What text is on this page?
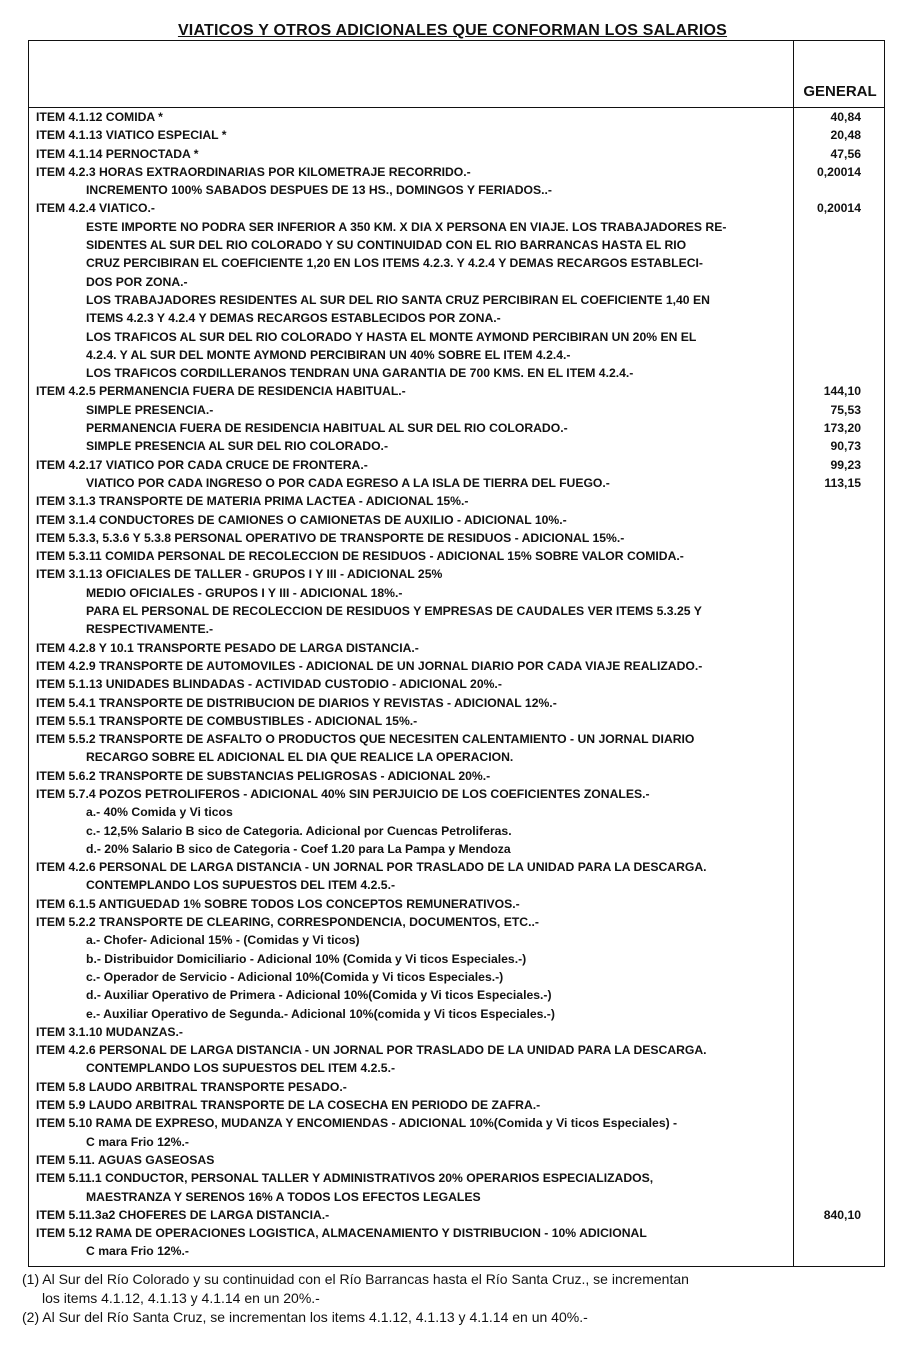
VIATICOS Y OTROS ADICIONALES QUE CONFORMAN LOS SALARIOS
GENERAL
ITEM 4.1.12 COMIDA *	40,84
ITEM 4.1.13 VIATICO ESPECIAL *	20,48
ITEM 4.1.14 PERNOCTADA *	47,56
ITEM 4.2.3 HORAS EXTRAORDINARIAS POR KILOMETRAJE RECORRIDO.-	0,20014
INCREMENTO 100% SABADOS DESPUES DE 13 HS., DOMINGOS Y FERIADOS..-
ITEM 4.2.4 VIATICO.-	0,20014
ESTE IMPORTE NO PODRA SER INFERIOR A 350 KM. X DIA X PERSONA EN VIAJE. LOS TRABAJADORES RE-
SIDENTES AL SUR DEL RIO COLORADO Y SU CONTINUIDAD CON EL RIO BARRANCAS HASTA EL RIO
CRUZ PERCIBIRAN EL COEFICIENTE 1,20 EN LOS ITEMS 4.2.3. Y 4.2.4 Y DEMAS RECARGOS ESTABLECI-
DOS POR ZONA.-
LOS TRABAJADORES RESIDENTES AL SUR DEL RIO SANTA CRUZ PERCIBIRAN EL COEFICIENTE 1,40 EN
ITEMS 4.2.3 Y 4.2.4 Y DEMAS RECARGOS ESTABLECIDOS POR ZONA.-
LOS TRAFICOS AL SUR DEL RIO COLORADO Y HASTA EL MONTE AYMOND PERCIBIRAN UN 20% EN EL
4.2.4. Y AL SUR DEL MONTE AYMOND PERCIBIRAN UN 40% SOBRE EL ITEM 4.2.4.-
LOS TRAFICOS CORDILLERANOS TENDRAN UNA GARANTIA DE 700 KMS. EN EL ITEM 4.2.4.-
ITEM 4.2.5 PERMANENCIA FUERA DE RESIDENCIA HABITUAL.-	144,10
SIMPLE PRESENCIA.-	75,53
PERMANENCIA FUERA DE RESIDENCIA HABITUAL AL SUR DEL RIO COLORADO.-	173,20
SIMPLE PRESENCIA AL SUR DEL RIO COLORADO.-	90,73
ITEM 4.2.17 VIATICO POR CADA CRUCE DE FRONTERA.-	99,23
VIATICO POR CADA INGRESO O POR CADA EGRESO A LA ISLA DE TIERRA DEL FUEGO.-	113,15
ITEM 3.1.3 TRANSPORTE DE MATERIA PRIMA LACTEA - ADICIONAL 15%.-
ITEM 3.1.4 CONDUCTORES DE CAMIONES O CAMIONETAS DE AUXILIO - ADICIONAL 10%.-
ITEM 5.3.3, 5.3.6 Y 5.3.8 PERSONAL OPERATIVO DE TRANSPORTE DE RESIDUOS - ADICIONAL 15%.-
ITEM 5.3.11 COMIDA PERSONAL DE RECOLECCION DE RESIDUOS - ADICIONAL 15% SOBRE VALOR COMIDA.-
ITEM 3.1.13 OFICIALES DE TALLER - GRUPOS I Y III - ADICIONAL 25%
MEDIO OFICIALES - GRUPOS I Y III - ADICIONAL 18%.-
PARA EL PERSONAL DE RECOLECCION DE RESIDUOS Y EMPRESAS DE CAUDALES VER ITEMS 5.3.25 Y
RESPECTIVAMENTE.-
ITEM 4.2.8 Y 10.1 TRANSPORTE PESADO DE LARGA DISTANCIA.-
ITEM 4.2.9 TRANSPORTE DE AUTOMOVILES - ADICIONAL DE UN JORNAL DIARIO POR CADA VIAJE REALIZADO.-
ITEM 5.1.13 UNIDADES BLINDADAS - ACTIVIDAD CUSTODIO - ADICIONAL 20%.-
ITEM 5.4.1 TRANSPORTE DE DISTRIBUCION DE DIARIOS Y REVISTAS - ADICIONAL 12%.-
ITEM 5.5.1 TRANSPORTE DE COMBUSTIBLES - ADICIONAL 15%.-
ITEM 5.5.2 TRANSPORTE DE ASFALTO O PRODUCTOS QUE NECESITEN CALENTAMIENTO - UN JORNAL DIARIO
RECARGO SOBRE EL ADICIONAL EL DIA QUE REALICE LA OPERACION.
ITEM 5.6.2 TRANSPORTE DE SUBSTANCIAS PELIGROSAS - ADICIONAL 20%.-
ITEM 5.7.4 POZOS PETROLIFEROS - ADICIONAL 40% SIN PERJUICIO DE LOS COEFICIENTES ZONALES.-
a.- 40% Comida y Vi ticos
c.- 12,5% Salario B sico de Categoria. Adicional por Cuencas Petroliferas.
d.- 20% Salario B sico de Categoria - Coef 1.20 para La Pampa y Mendoza
ITEM 4.2.6 PERSONAL DE LARGA DISTANCIA - UN JORNAL POR TRASLADO DE LA UNIDAD PARA LA DESCARGA.
CONTEMPLANDO LOS SUPUESTOS DEL ITEM 4.2.5.-
ITEM 6.1.5 ANTIGUEDAD 1% SOBRE TODOS LOS CONCEPTOS REMUNERATIVOS.-
ITEM 5.2.2 TRANSPORTE DE CLEARING, CORRESPONDENCIA, DOCUMENTOS, ETC..-
a.- Chofer- Adicional 15% - (Comidas y Vi ticos)
b.- Distribuidor Domiciliario - Adicional 10% (Comida y Vi ticos Especiales.-)
c.- Operador de Servicio - Adicional 10%(Comida y Vi ticos Especiales.-)
d.- Auxiliar Operativo de Primera - Adicional 10%(Comida y Vi ticos Especiales.-)
e.- Auxiliar Operativo de Segunda.- Adicional 10%(comida y Vi ticos Especiales.-)
ITEM 3.1.10 MUDANZAS.-
ITEM 4.2.6 PERSONAL DE LARGA DISTANCIA - UN JORNAL POR TRASLADO DE LA UNIDAD PARA LA DESCARGA.
CONTEMPLANDO LOS SUPUESTOS DEL ITEM 4.2.5.-
ITEM 5.8 LAUDO ARBITRAL TRANSPORTE PESADO.-
ITEM 5.9 LAUDO ARBITRAL TRANSPORTE DE LA COSECHA EN PERIODO DE ZAFRA.-
ITEM 5.10 RAMA DE EXPRESO, MUDANZA Y ENCOMIENDAS - ADICIONAL 10%(Comida y Vi ticos Especiales) -
C mara Frio 12%.-
ITEM 5.11. AGUAS GASEOSAS
ITEM 5.11.1 CONDUCTOR, PERSONAL TALLER Y ADMINISTRATIVOS 20% OPERARIOS ESPECIALIZADOS,
MAESTRANZA Y SERENOS 16% A TODOS LOS EFECTOS LEGALES
ITEM 5.11.3a2 CHOFERES DE LARGA DISTANCIA.-	840,10
ITEM 5.12 RAMA DE OPERACIONES LOGISTICA, ALMACENAMIENTO Y DISTRIBUCION - 10% ADICIONAL
C mara Frio 12%.-

(1) Al Sur del Río Colorado y su continuidad con el Río Barrancas hasta el Río Santa Cruz., se incrementan

los items 4.1.12, 4.1.13 y 4.1.14 en un 20%.-

(2) Al Sur del Río Santa Cruz, se incrementan los items 4.1.12, 4.1.13 y 4.1.14 en un 40%.-
